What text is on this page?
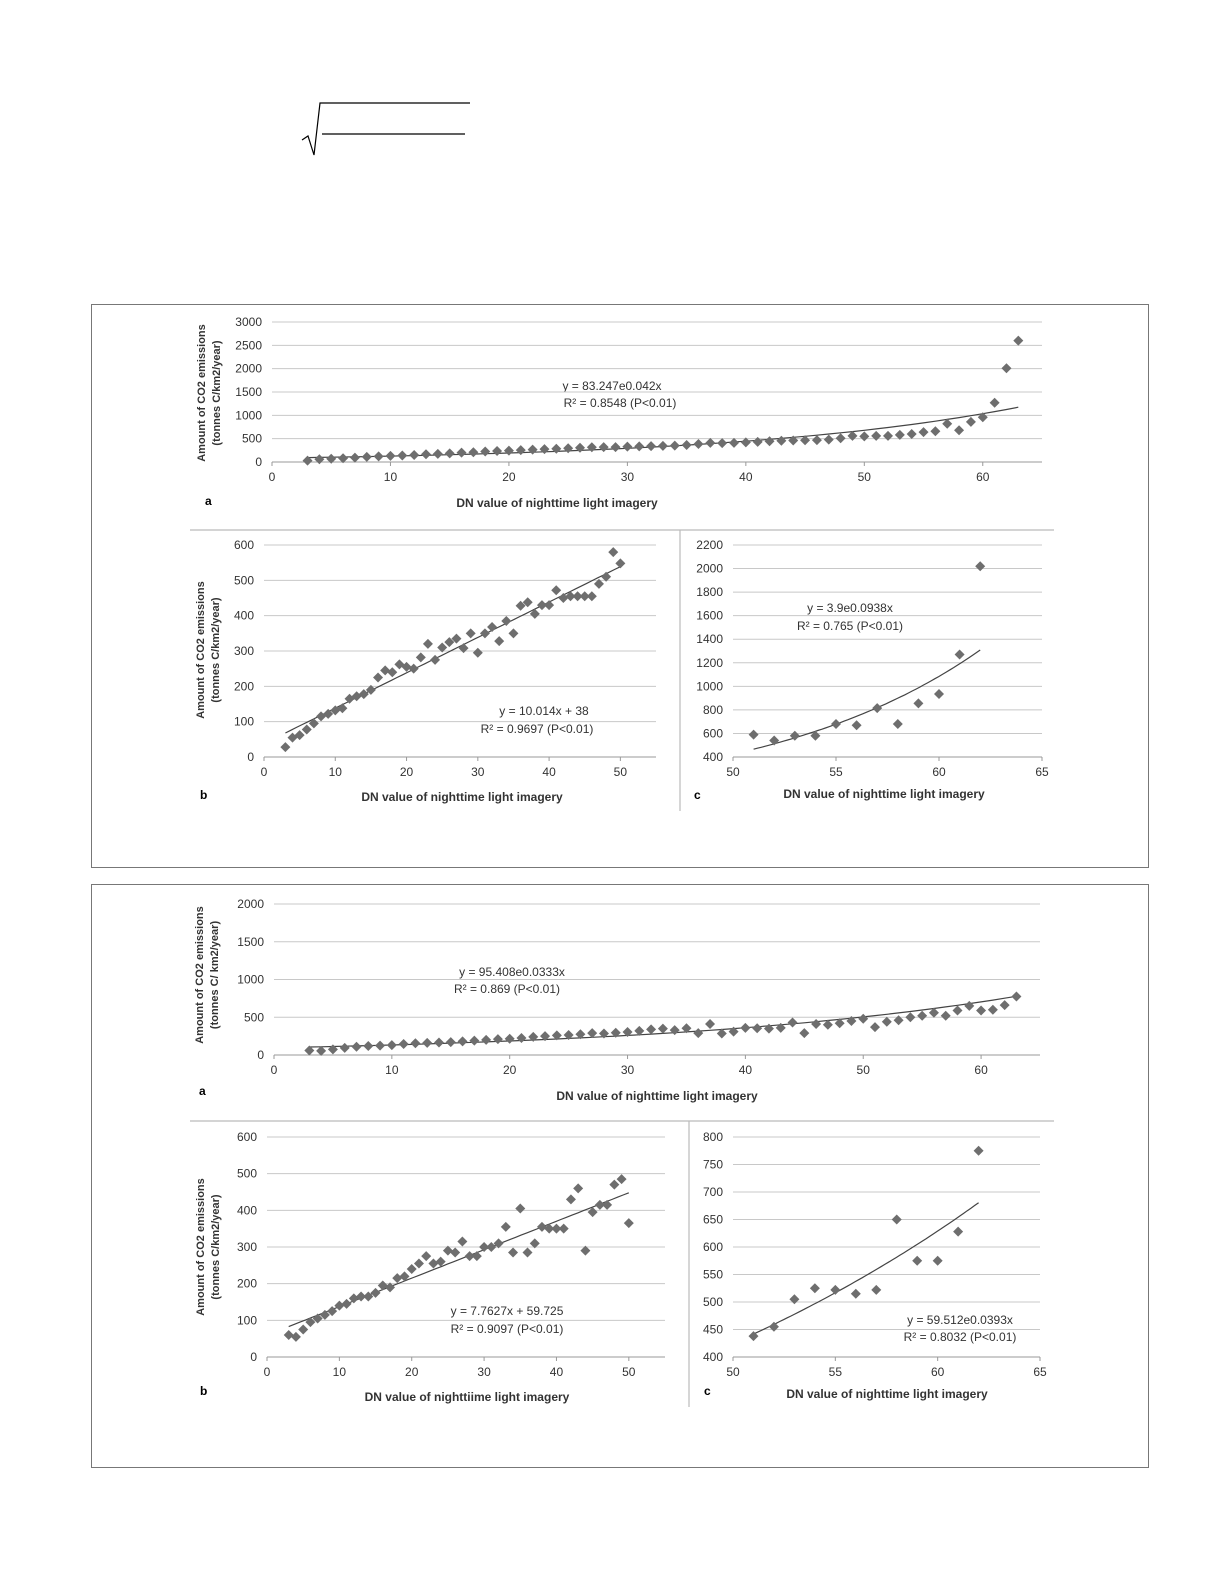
a
Amount of CO2 emissions (tonnes C/km2/year)
DN value of nighttime light imagery
y = 83.247e0.042x
R² = 0.8548 (P<0.01)
0
500
1000
1500
2000
2500
3000
0	10	20	30	40	50	60
b
Amount of CO2 emissions (tonnes C/km2/year)
DN value of nighttime light imagery
y = 10.014x + 38
R² = 0.9697 (P<0.01)
0
100
200
300
400
500
600
0	10	20	30	40	50
c	DN value of nighttime light imagery
y = 3.9e0.0938x
R² = 0.765 (P<0.01)
400
600
800
1000
1200
1400
1600
1800
2000
2200
50	55	60	65
a
Amount of CO2 emissions (tonnes C/ km2/year)
DN value of nighttime light imagery
y = 95.408e0.0333x
R² = 0.869 (P<0.01)
0
500
1000
1500
2000
0	10	20	30	40	50	60
b
Amount of CO2 emissions (tonnes C/km2/year)
DN value of nighttiime light imagery
y = 7.7627x + 59.725
R² = 0.9097 (P<0.01)
0
100
200
300
400
500
600
0	10	20	30	40	50
c	DN value of nighttime light imagery
y = 59.512e0.0393x
R² = 0.8032 (P<0.01)
400
450
500
550
600
650
700
750
800
50	55	60	65
